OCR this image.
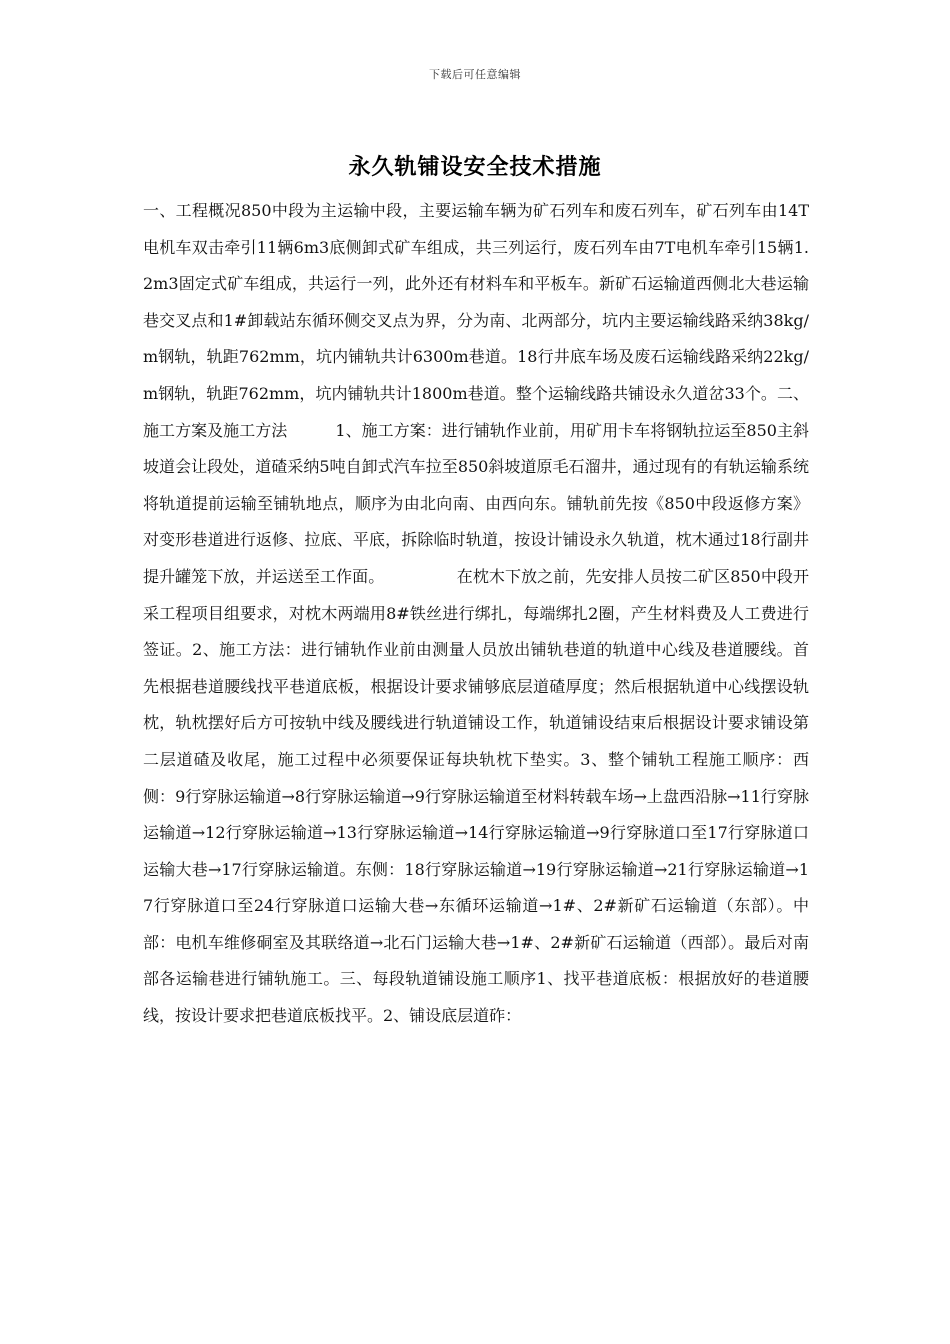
下载后可任意编辑
永久轨铺设安全技术措施

一、工程概况850中段为主运输中段，主要运输车辆为矿石列车和废石列车，矿石列车由14T电机车双击牵引11辆6m3底侧卸式矿车组成，共三列运行，废石列车由7T电机车牵引15辆1.2m3固定式矿车组成，共运行一列，此外还有材料车和平板车。新矿石运输道西侧北大巷运输巷交叉点和1#卸载站东循环侧交叉点为界，分为南、北两部分，坑内主要运输线路采纳38kg/m钢轨，轨距762mm，坑内铺轨共计6300m巷道。18行井底车场及废石运输线路采纳22kg/m钢轨，轨距762mm，坑内铺轨共计1800m巷道。整个运输线路共铺设永久道岔33个。二、施工方案及施工方法　　　1、施工方案：进行铺轨作业前，用矿用卡车将钢轨拉运至850主斜坡道会让段处，道碴采纳5吨自卸式汽车拉至850斜坡道原毛石溜井，通过现有的有轨运输系统将轨道提前运输至铺轨地点，顺序为由北向南、由西向东。铺轨前先按《850中段返修方案》对变形巷道进行返修、拉底、平底，拆除临时轨道，按设计铺设永久轨道，枕木通过18行副井提升罐笼下放，并运送至工作面。　　　　　在枕木下放之前，先安排人员按二矿区850中段开采工程项目组要求，对枕木两端用8#铁丝进行绑扎，每端绑扎2圈，产生材料费及人工费进行签证。2、施工方法：进行铺轨作业前由测量人员放出铺轨巷道的轨道中心线及巷道腰线。首先根据巷道腰线找平巷道底板，根据设计要求铺够底层道碴厚度；然后根据轨道中心线摆设轨枕，轨枕摆好后方可按轨中线及腰线进行轨道铺设工作，轨道铺设结束后根据设计要求铺设第二层道碴及收尾，施工过程中必须要保证每块轨枕下垫实。3、整个铺轨工程施工顺序：西侧：9行穿脉运输道→8行穿脉运输道→9行穿脉运输道至材料转载车场→上盘西沿脉→11行穿脉运输道→12行穿脉运输道→13行穿脉运输道→14行穿脉运输道→9行穿脉道口至17行穿脉道口运输大巷→17行穿脉运输道。东侧：18行穿脉运输道→19行穿脉运输道→21行穿脉运输道→17行穿脉道口至24行穿脉道口运输大巷→东循环运输道→1#、2#新矿石运输道（东部）。中部：电机车维修硐室及其联络道→北石门运输大巷→1#、2#新矿石运输道（西部）。最后对南部各运输巷进行铺轨施工。三、每段轨道铺设施工顺序1、找平巷道底板：根据放好的巷道腰线，按设计要求把巷道底板找平。2、铺设底层道砟：
